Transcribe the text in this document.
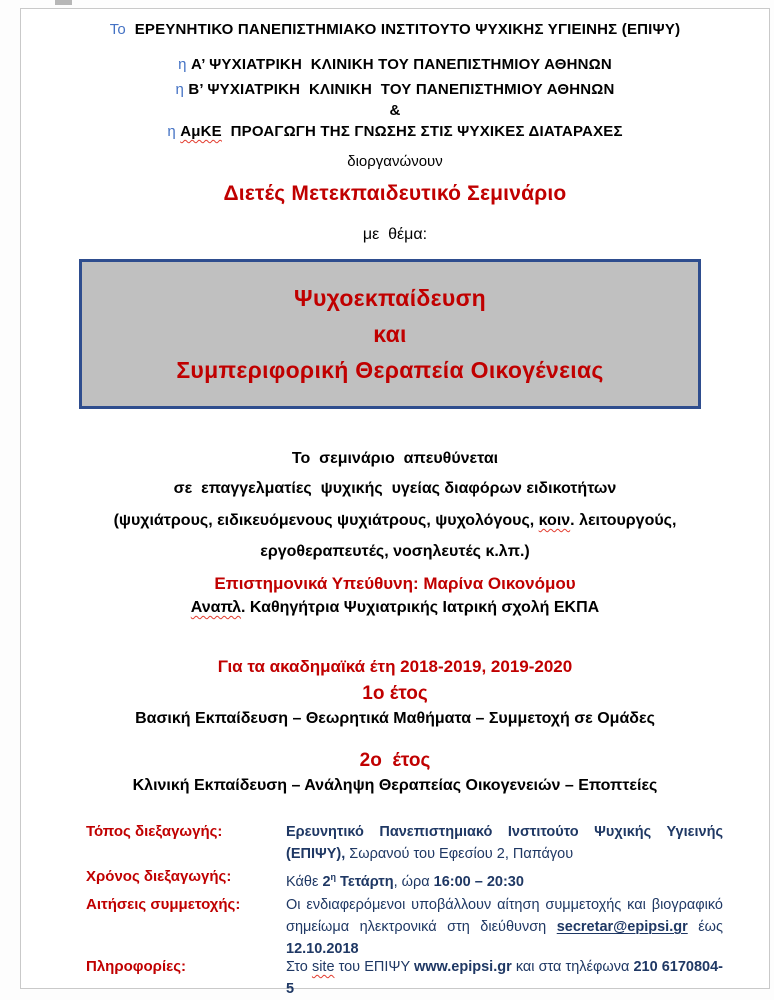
Το  ΕΡΕΥΝΗΤΙΚΟ ΠΑΝΕΠΙΣΤΗΜΙΑΚΟ ΙΝΣΤΙΤΟΥΤΟ ΨΥΧΙΚΗΣ ΥΓΙΕΙΝΗΣ (ΕΠΙΨΥ)
η Α’ ΨΥΧΙΑΤΡΙΚΗ  ΚΛΙΝΙΚΗ ΤΟΥ ΠΑΝΕΠΙΣΤΗΜΙΟΥ ΑΘΗΝΩΝ
η Β’ ΨΥΧΙΑΤΡΙΚΗ  ΚΛΙΝΙΚΗ  ΤΟΥ ΠΑΝΕΠΙΣΤΗΜΙΟΥ ΑΘΗΝΩΝ
&
η ΑμΚΕ  ΠΡΟΑΓΩΓΗ ΤΗΣ ΓΝΩΣΗΣ ΣΤΙΣ ΨΥΧΙΚΕΣ ΔΙΑΤΑΡΑΧΕΣ
διοργανώνουν
Διετές Μετεκπαιδευτικό Σεμινάριο
με  θέμα:
Ψυχοεκπαίδευση
και
Συμπεριφορική Θεραπεία Οικογένειας
Το  σεμινάριο  απευθύνεται
σε  επαγγελματίες  ψυχικής  υγείας διαφόρων ειδικοτήτων
(ψυχιάτρους, ειδικευόμενους ψυχιάτρους, ψυχολόγους, κοιν. λειτουργούς,
εργοθεραπευτές, νοσηλευτές κ.λπ.)
Επιστημονικά Υπεύθυνη: Μαρίνα Οικονόμου
Αναπλ. Καθηγήτρια Ψυχιατρικής Ιατρική σχολή ΕΚΠΑ
Για τα ακαδημαϊκά έτη 2018-2019, 2019-2020
1ο έτος
Βασική Εκπαίδευση – Θεωρητικά Μαθήματα – Συμμετοχή σε Ομάδες
2ο  έτος
Κλινική Εκπαίδευση – Ανάληψη Θεραπείας Οικογενειών – Εποπτείες
Τόπος διεξαγωγής:	Ερευνητικό Πανεπιστημιακό Ινστιτούτο Ψυχικής Υγιεινής (ΕΠΙΨΥ), Σωρανού του Εφεσίου 2, Παπάγου
Χρόνος διεξαγωγής:	Κάθε $2^\eta$ Τετάρτη, ώρα 16:00 – 20:30
Αιτήσεις συμμετοχής:	Οι ενδιαφερόμενοι υποβάλλουν αίτηση συμμετοχής και βιογραφικό σημείωμα ηλεκτρονικά στη διεύθυνση secretar@epipsi.gr έως 12.10.2018
Πληροφορίες:	Στο site του ΕΠΙΨΥ www.epipsi.gr και στα τηλέφωνα 210 6170804-5
